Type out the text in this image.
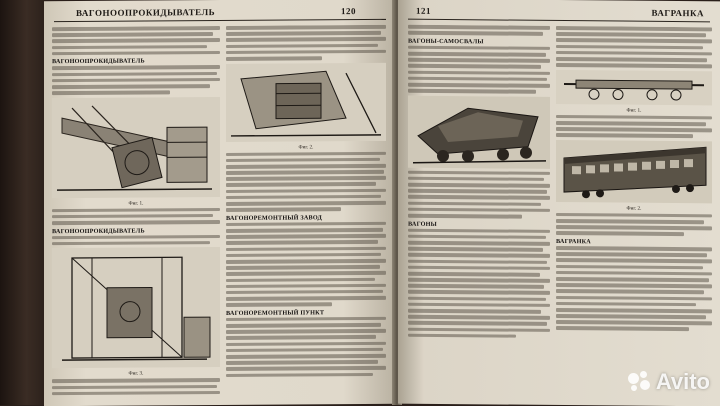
ВАГОНООПРОКИДЫВАТЕЛЬ	120
ВАГОНООПРОКИДЫВАТЕЛЬ
Фиг. 1.
ВАГОНООПРОКИДЫВАТЕЛЬ
Фиг. 3.
Фиг. 2.
ВАГОНОРЕМОНТНЫЙ ЗАВОД
ВАГОНОРЕМОНТНЫЙ ПУНКТ
121	ВАГРАНКА
ВАГОНЫ-САМОСВАЛЫ
ВАГОНЫ
Фиг. 1.
Фиг. 2.
ВАГРАНКА
Avito
